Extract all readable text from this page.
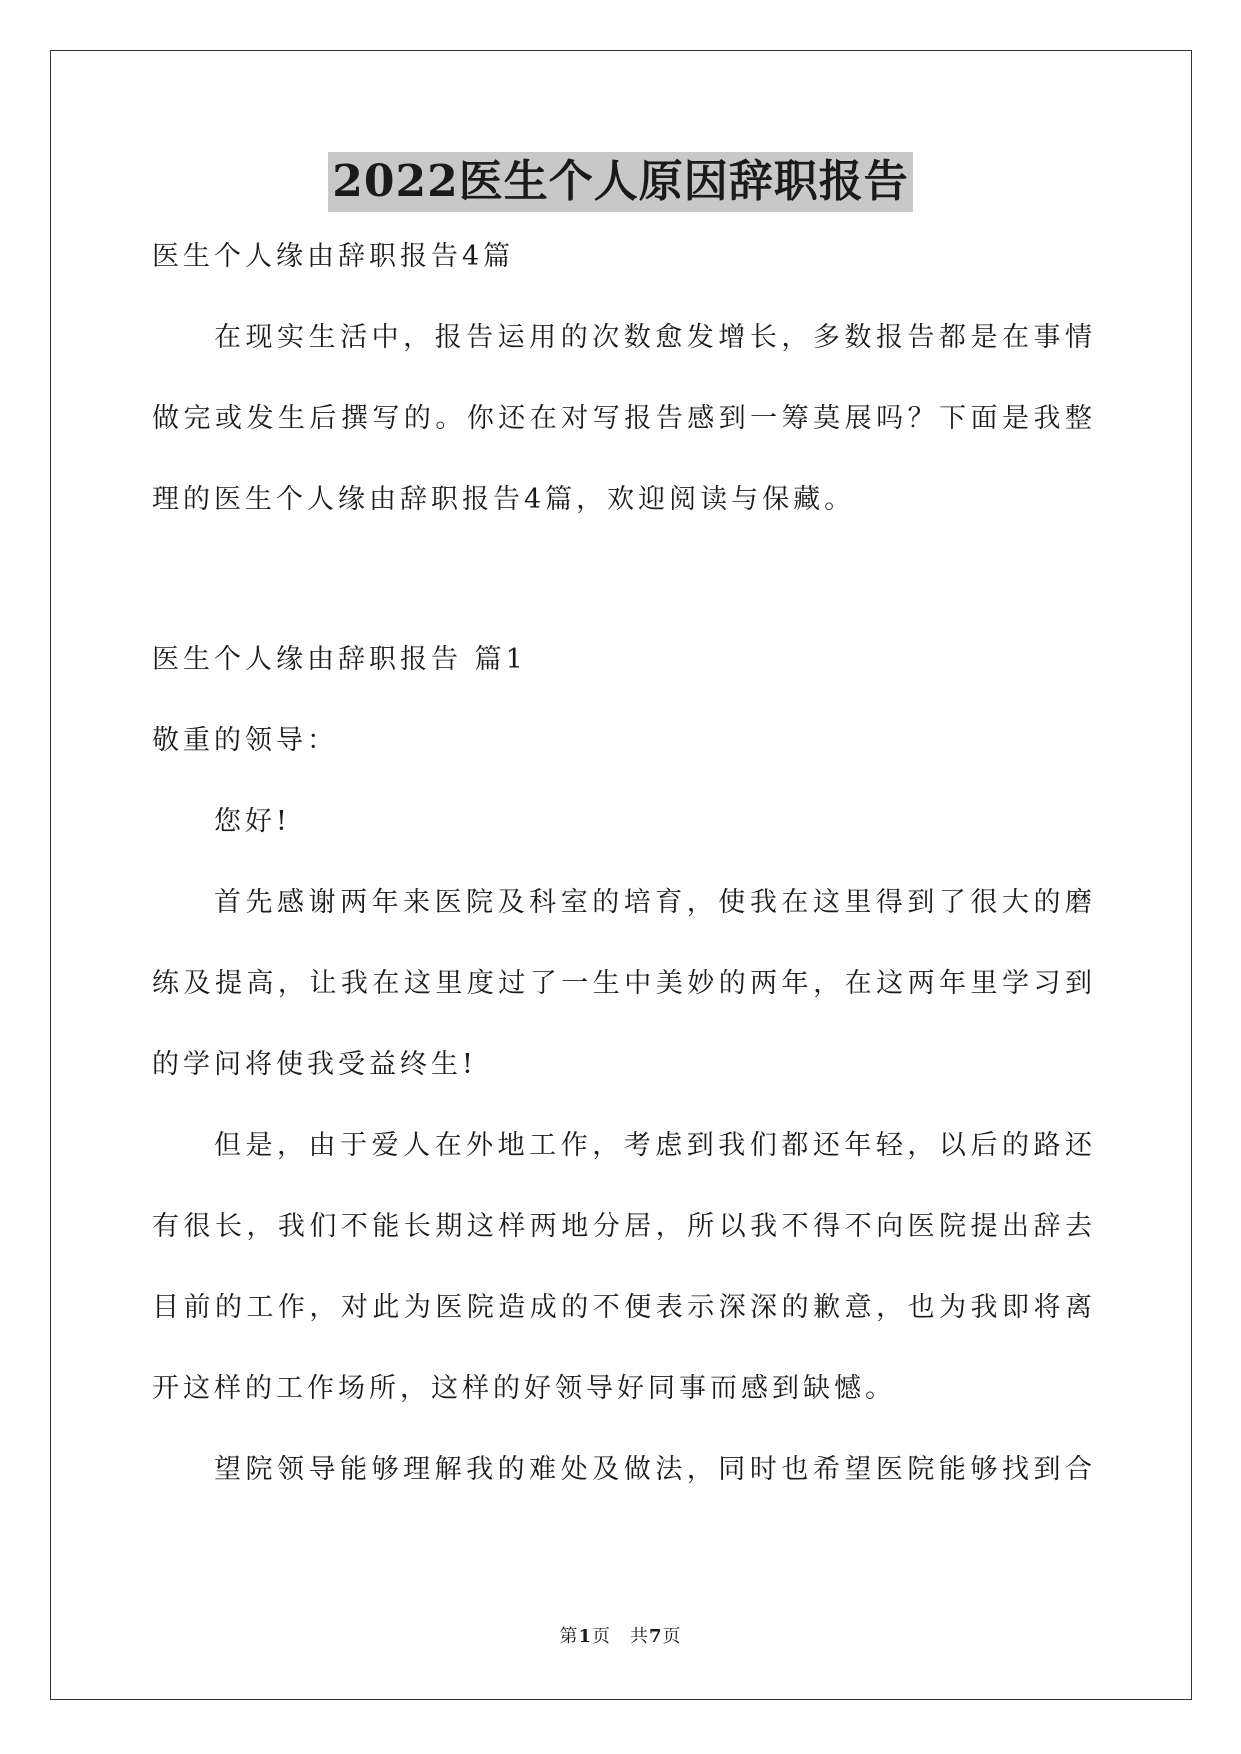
2022医生个人原因辞职报告

医生个人缘由辞职报告4篇

在现实生活中，报告运用的次数愈发增长，多数报告都是在事情

做完或发生后撰写的。你还在对写报告感到一筹莫展吗？下面是我整

理的医生个人缘由辞职报告4篇，欢迎阅读与保藏。

医生个人缘由辞职报告 篇1

敬重的领导：

您好!

首先感谢两年来医院及科室的培育，使我在这里得到了很大的磨

练及提高，让我在这里度过了一生中美妙的两年，在这两年里学习到

的学问将使我受益终生!

但是，由于爱人在外地工作，考虑到我们都还年轻，以后的路还

有很长，我们不能长期这样两地分居，所以我不得不向医院提出辞去

目前的工作，对此为医院造成的不便表示深深的歉意，也为我即将离

开这样的工作场所，这样的好领导好同事而感到缺憾。

望院领导能够理解我的难处及做法，同时也希望医院能够找到合

第1页　共7页
